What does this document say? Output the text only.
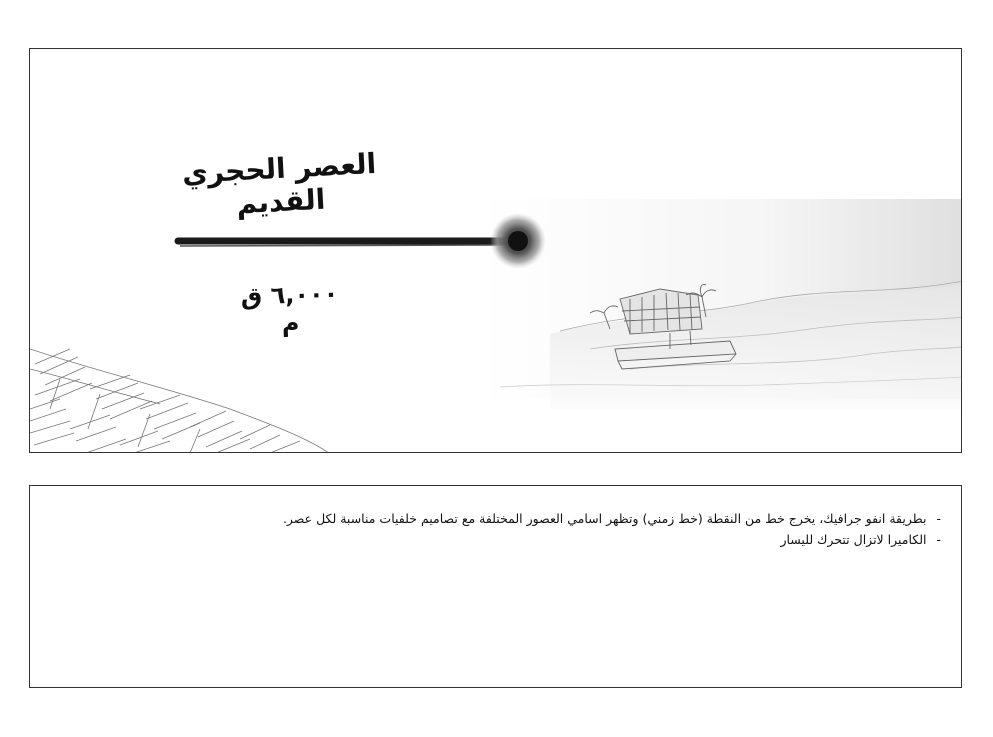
العصر الحجري القديم
٦,٠٠٠ ق م
-بطريقة انفو جرافيك، يخرج خط من النقطة (خط زمني) وتظهر اسامي العصور المختلفة مع تصاميم خلفيات مناسبة لكل عصر.
-الكاميرا لاتزال تتحرك لليسار
